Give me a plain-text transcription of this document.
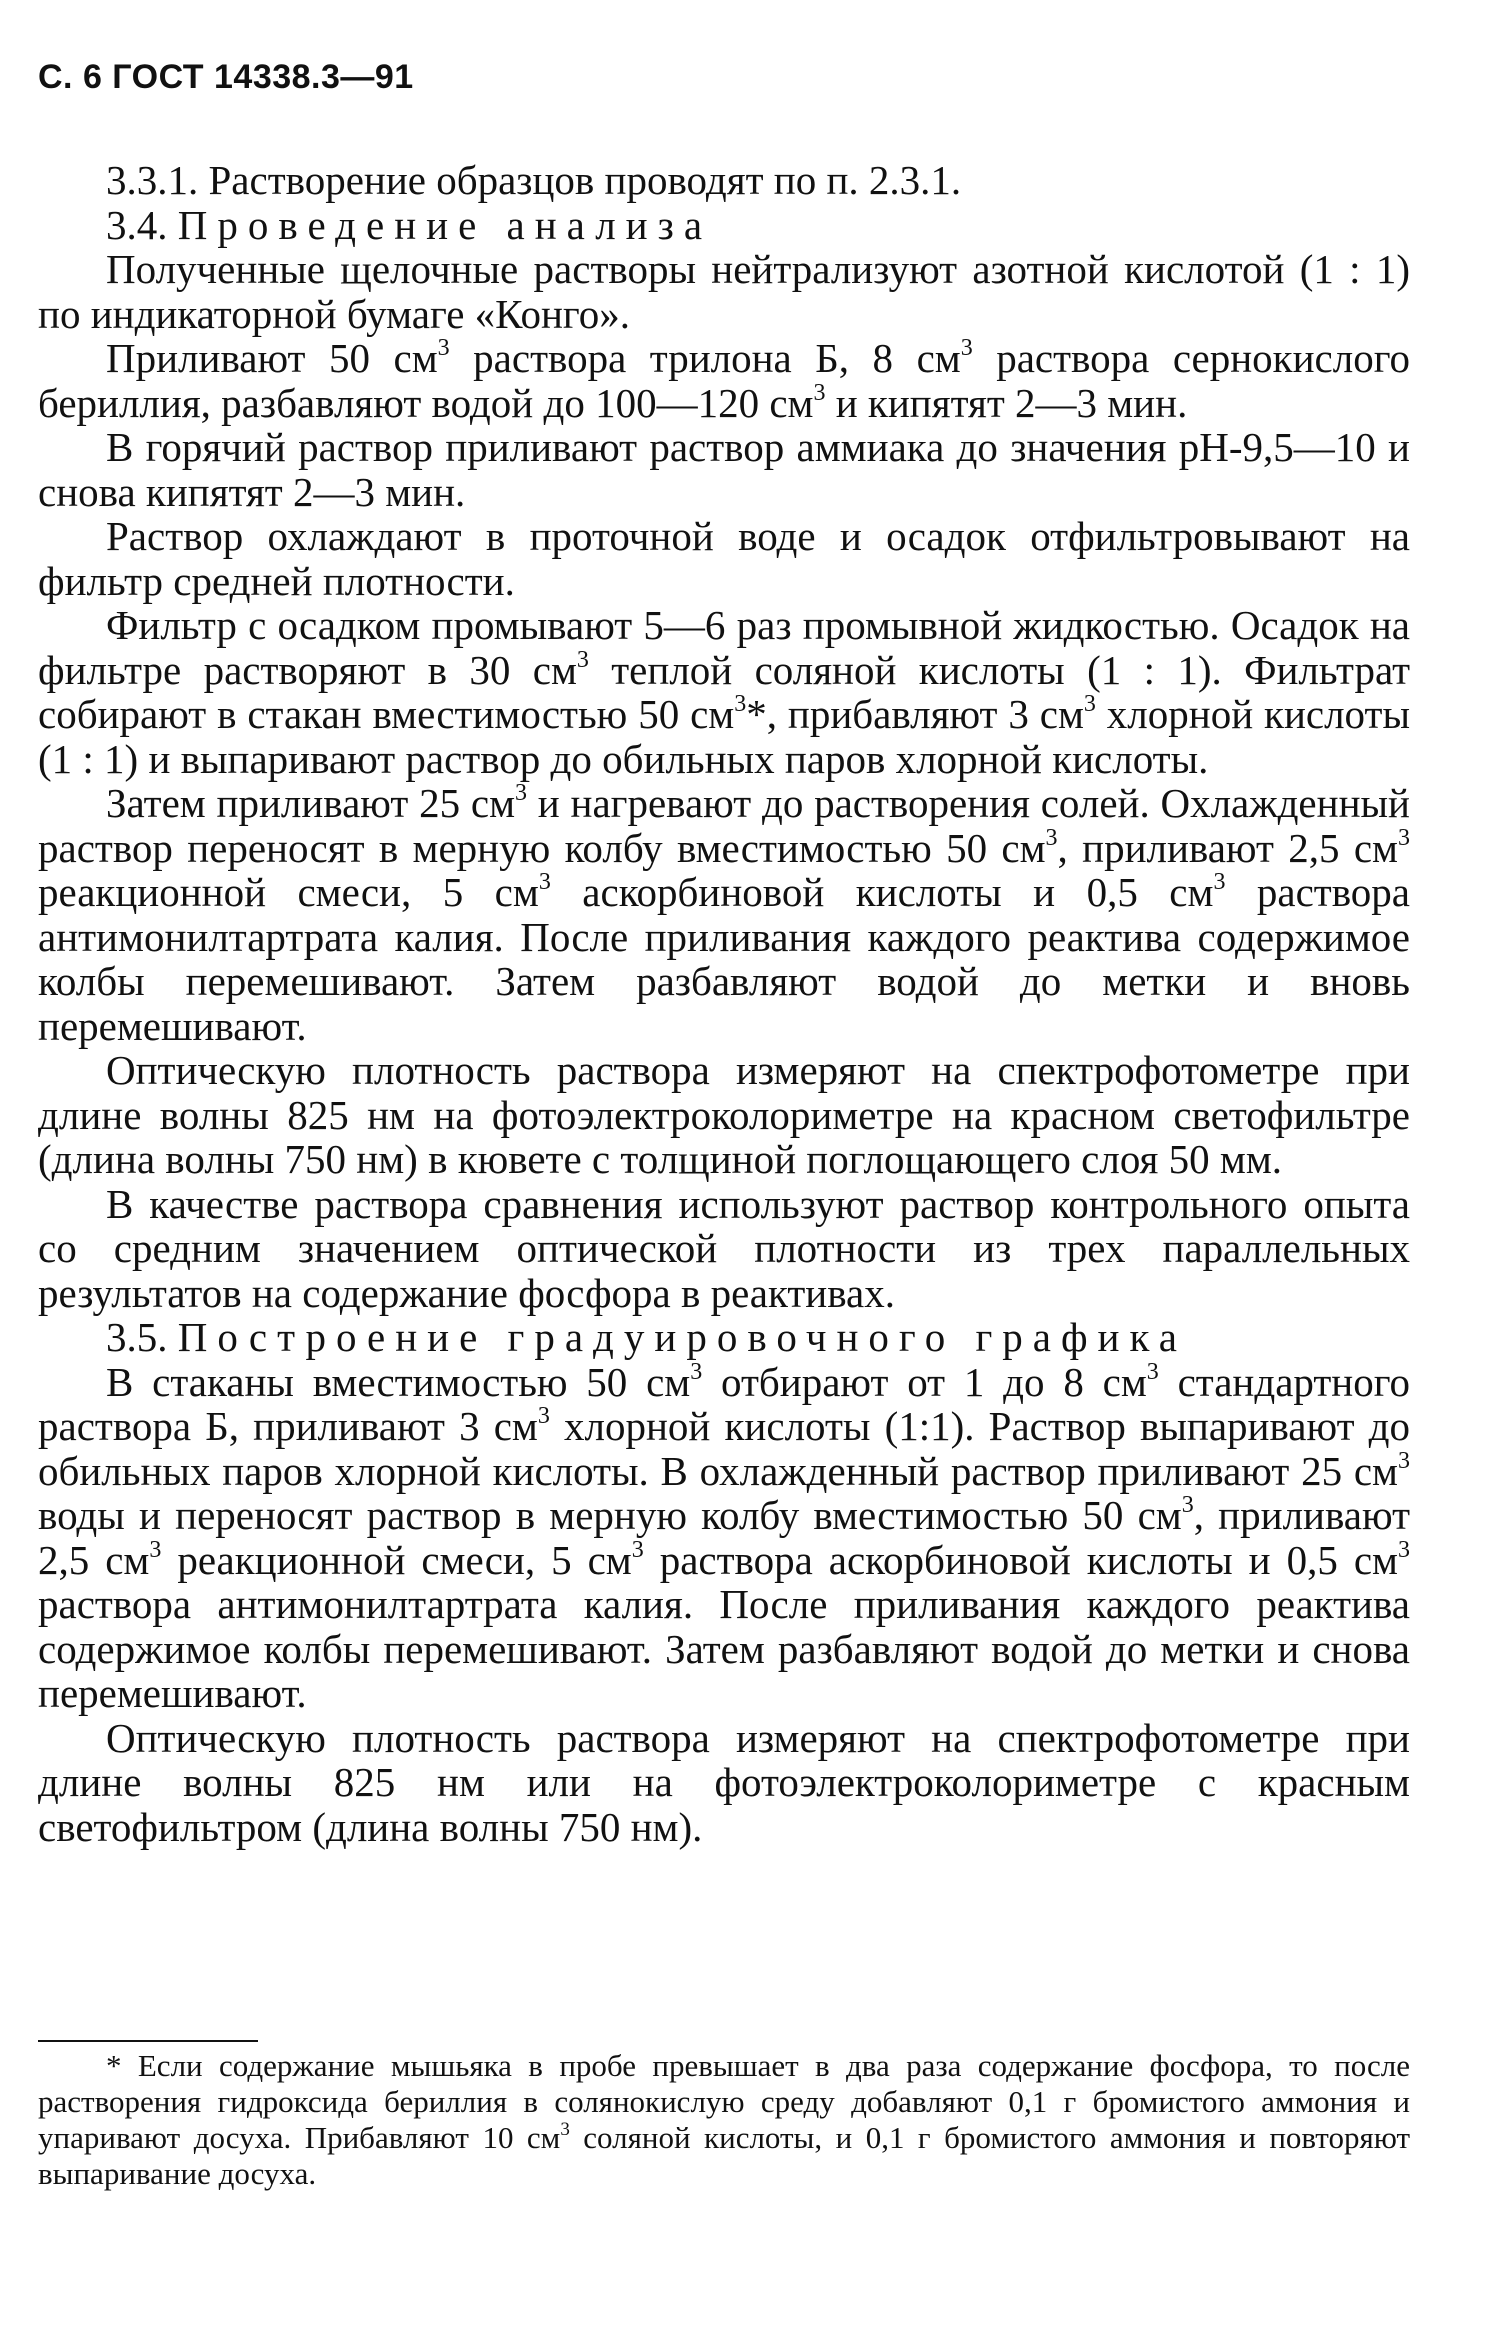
С. 6 ГОСТ 14338.3—91

3.3.1. Растворение образцов проводят по п. 2.3.1.

3.4. Проведение анализа

Полученные щелочные растворы нейтрализуют азотной кислотой (1 : 1) по индикаторной бумаге «Конго».

Приливают 50 $см^3$ раствора трилона Б, 8 $см^3$ раствора сернокислого бериллия, разбавляют водой до 100—120 $см^3$ и кипятят 2—3 мин.

В горячий раствор приливают раствор аммиака до значения рН-9,5—10 и снова кипятят 2—3 мин.

Раствор охлаждают в проточной воде и осадок отфильтровывают на фильтр средней плотности.

Фильтр с осадком промывают 5—6 раз промывной жидкостью. Осадок на фильтре растворяют в 30 $см^3$ теплой соляной кислоты (1 : 1). Фильтрат собирают в стакан вместимостью 50 $см^3*$, прибавляют 3 $см^3$ хлорной кислоты (1 : 1) и выпаривают раствор до обильных паров хлорной кислоты.

Затем приливают 25 $см^3$ и нагревают до растворения солей. Охлажденный раствор переносят в мерную колбу вместимостью 50 $см^3$, приливают 2,5 $см^3$ реакционной смеси, 5 $см^3$ аскорбиновой кислоты и 0,5 $см^3$ раствора антимонилтартрата калия. После приливания каждого реактива содержимое колбы перемешивают. Затем разбавляют водой до метки и вновь перемешивают.

Оптическую плотность раствора измеряют на спектрофотометре при длине волны 825 нм на фотоэлектроколориметре на красном светофильтре (длина волны 750 нм) в кювете с толщиной поглощающего слоя 50 мм.

В качестве раствора сравнения используют раствор контрольного опыта со средним значением оптической плотности из трех параллельных результатов на содержание фосфора в реактивах.

3.5. Построение градуировочного графика

В стаканы вместимостью 50 $см^3$ отбирают от 1 до 8 $см^3$ стандартного раствора Б, приливают 3 $см^3$ хлорной кислоты (1:1). Раствор выпаривают до обильных паров хлорной кислоты. В охлажденный раствор приливают 25 $см^3$ воды и переносят раствор в мерную колбу вместимостью 50 $см^3$, приливают 2,5 $см^3$ реакционной смеси, 5 $см^3$ раствора аскорбиновой кислоты и 0,5 $см^3$ раствора антимонилтартрата калия. После приливания каждого реактива содержимое колбы перемешивают. Затем разбавляют водой до метки и снова перемешивают.

Оптическую плотность раствора измеряют на спектрофотометре при длине волны 825 нм или на фотоэлектроколориметре с красным светофильтром (длина волны 750 нм).

* Если содержание мышьяка в пробе превышает в два раза содержание фосфора, то после растворения гидроксида бериллия в солянокислую среду добавляют 0,1 г бромистого аммония и упаривают досуха. Прибавляют 10 $см^3$ соляной кислоты, и 0,1 г бромистого аммония и повторяют выпаривание досуха.
